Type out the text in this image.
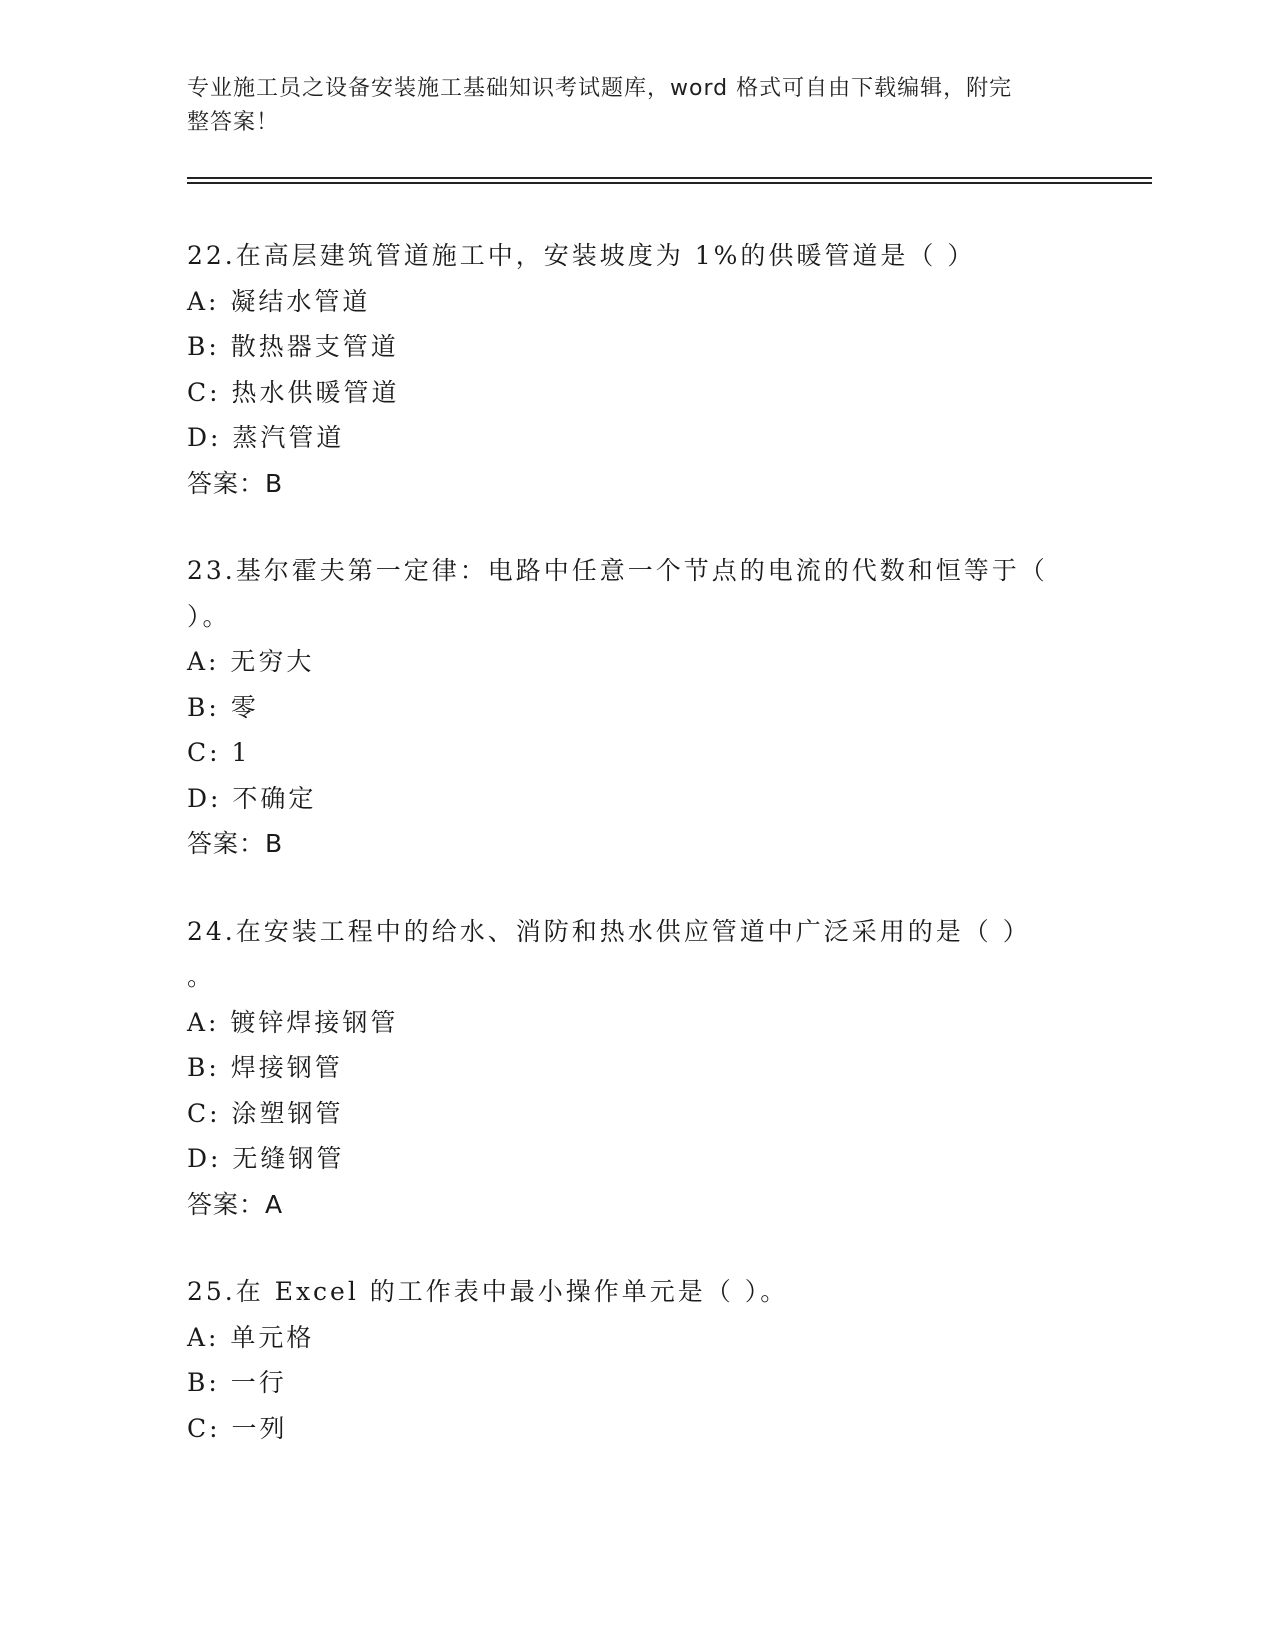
专业施工员之设备安装施工基础知识考试题库，word 格式可自由下载编辑，附完
整答案！
22.在高层建筑管道施工中，安装坡度为 1%的供暖管道是（ ）
A: 凝结水管道
B: 散热器支管道
C: 热水供暖管道
D: 蒸汽管道
答案：B
23.基尔霍夫第一定律：电路中任意一个节点的电流的代数和恒等于（
）。
A: 无穷大
B: 零
C: 1
D: 不确定
答案：B
24.在安装工程中的给水、消防和热水供应管道中广泛采用的是（ ）
。
A: 镀锌焊接钢管
B: 焊接钢管
C: 涂塑钢管
D: 无缝钢管
答案：A
25.在 Excel 的工作表中最小操作单元是（ ）。
A: 单元格
B: 一行
C: 一列
